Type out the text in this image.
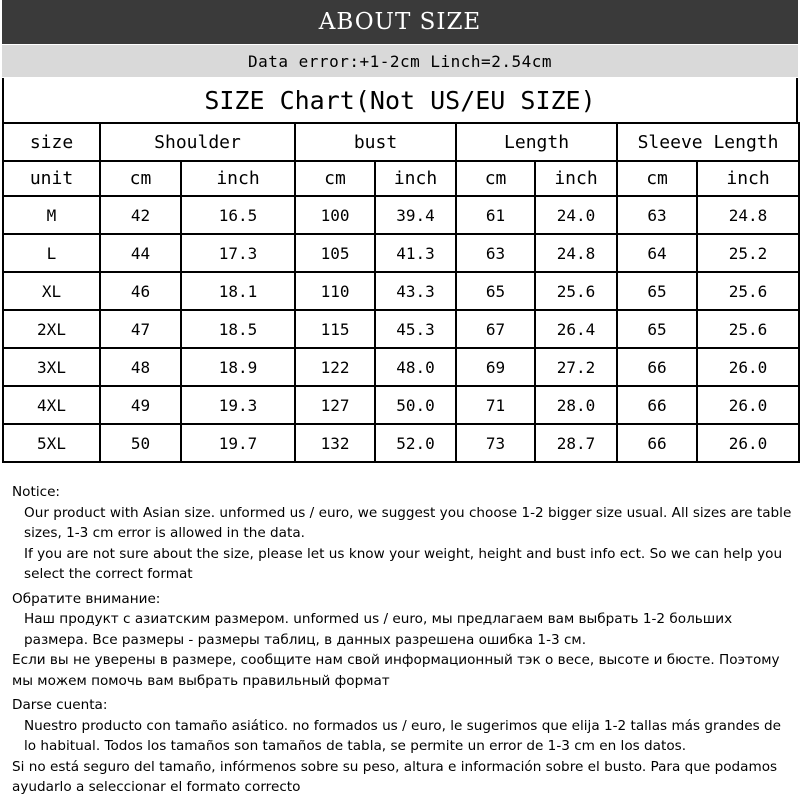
ABOUT SIZE
Data error:+1-2cm Linch=2.54cm
SIZE Chart(Not US/EU SIZE)
size	Shoulder		bust		Length		Sleeve Length	
unit	cm	inch	cm	inch	cm	inch	cm	inch
M	42	16.5	100	39.4	61	24.0	63	24.8
L	44	17.3	105	41.3	63	24.8	64	25.2
XL	46	18.1	110	43.3	65	25.6	65	25.6
2XL	47	18.5	115	45.3	67	26.4	65	25.6
3XL	48	18.9	122	48.0	69	27.2	66	26.0
4XL	49	19.3	127	50.0	71	28.0	66	26.0
5XL	50	19.7	132	52.0	73	28.7	66	26.0
Notice:
Our product with Asian size. unformed us / euro, we suggest you choose 1-2 bigger size usual. All sizes are table sizes, 1-3 cm error is allowed in the data.
If you are not sure about the size, please let us know your weight, height and bust info ect. So we can help you select the correct format
Обратите внимание:
Наш продукт с азиатским размером. unformed us / euro, мы предлагаем вам выбрать 1-2 больших размера. Все размеры - размеры таблиц, в данных разрешена ошибка 1-3 см.
Если вы не уверены в размере, сообщите нам свой информационный тэк о весе, высоте и бюсте. Поэтому мы можем помочь вам выбрать правильный формат
Darse cuenta:
Nuestro producto con tamaño asiático. no formados us / euro, le sugerimos que elija 1-2 tallas más grandes de lo habitual. Todos los tamaños son tamaños de tabla, se permite un error de 1-3 cm en los datos.
Si no está seguro del tamaño, infórmenos sobre su peso, altura e información sobre el busto. Para que podamos ayudarlo a seleccionar el formato correcto
